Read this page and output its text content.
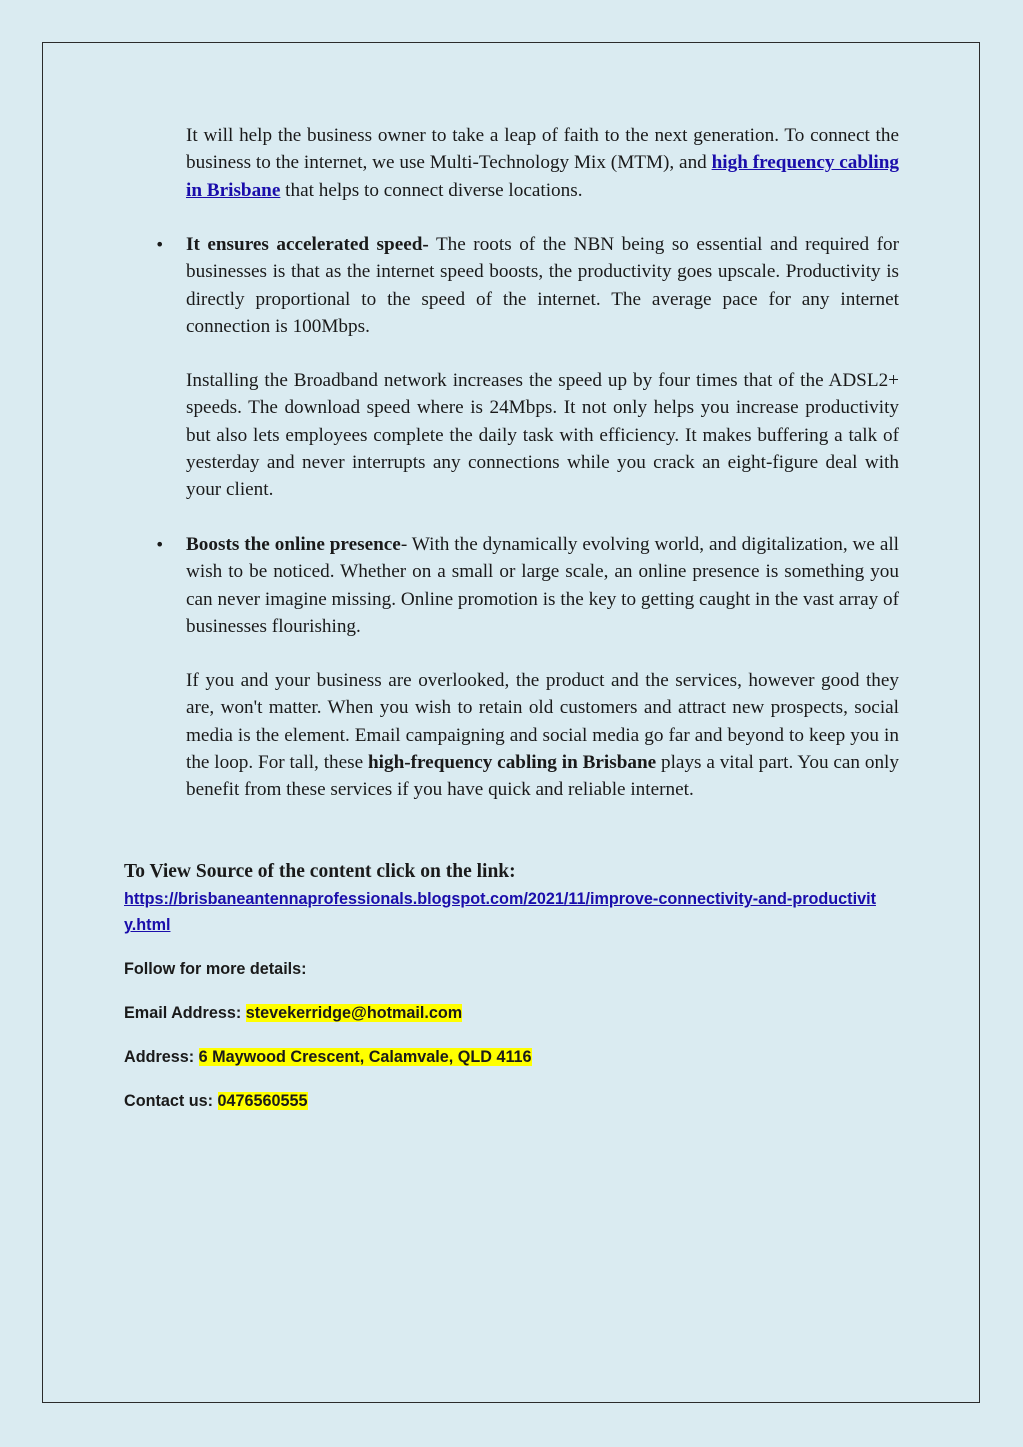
It will help the business owner to take a leap of faith to the next generation. To connect the business to the internet, we use Multi-Technology Mix (MTM), and high frequency cabling in Brisbane that helps to connect diverse locations.

• It ensures accelerated speed- The roots of the NBN being so essential and required for businesses is that as the internet speed boosts, the productivity goes upscale. Productivity is directly proportional to the speed of the internet. The average pace for any internet connection is 100Mbps.

Installing the Broadband network increases the speed up by four times that of the ADSL2+ speeds. The download speed where is 24Mbps. It not only helps you increase productivity but also lets employees complete the daily task with efficiency. It makes buffering a talk of yesterday and never interrupts any connections while you crack an eight-figure deal with your client.

• Boosts the online presence- With the dynamically evolving world, and digitalization, we all wish to be noticed. Whether on a small or large scale, an online presence is something you can never imagine missing. Online promotion is the key to getting caught in the vast array of businesses flourishing.

If you and your business are overlooked, the product and the services, however good they are, won't matter. When you wish to retain old customers and attract new prospects, social media is the element. Email campaigning and social media go far and beyond to keep you in the loop. For tall, these high-frequency cabling in Brisbane plays a vital part. You can only benefit from these services if you have quick and reliable internet.

To View Source of the content click on the link:

https://brisbaneantennaprofessionals.blogspot.com/2021/11/improve-connectivity-and-productivity.html

Follow for more details:

Email Address: stevekerridge@hotmail.com

Address: 6 Maywood Crescent, Calamvale, QLD 4116

Contact us: 0476560555
